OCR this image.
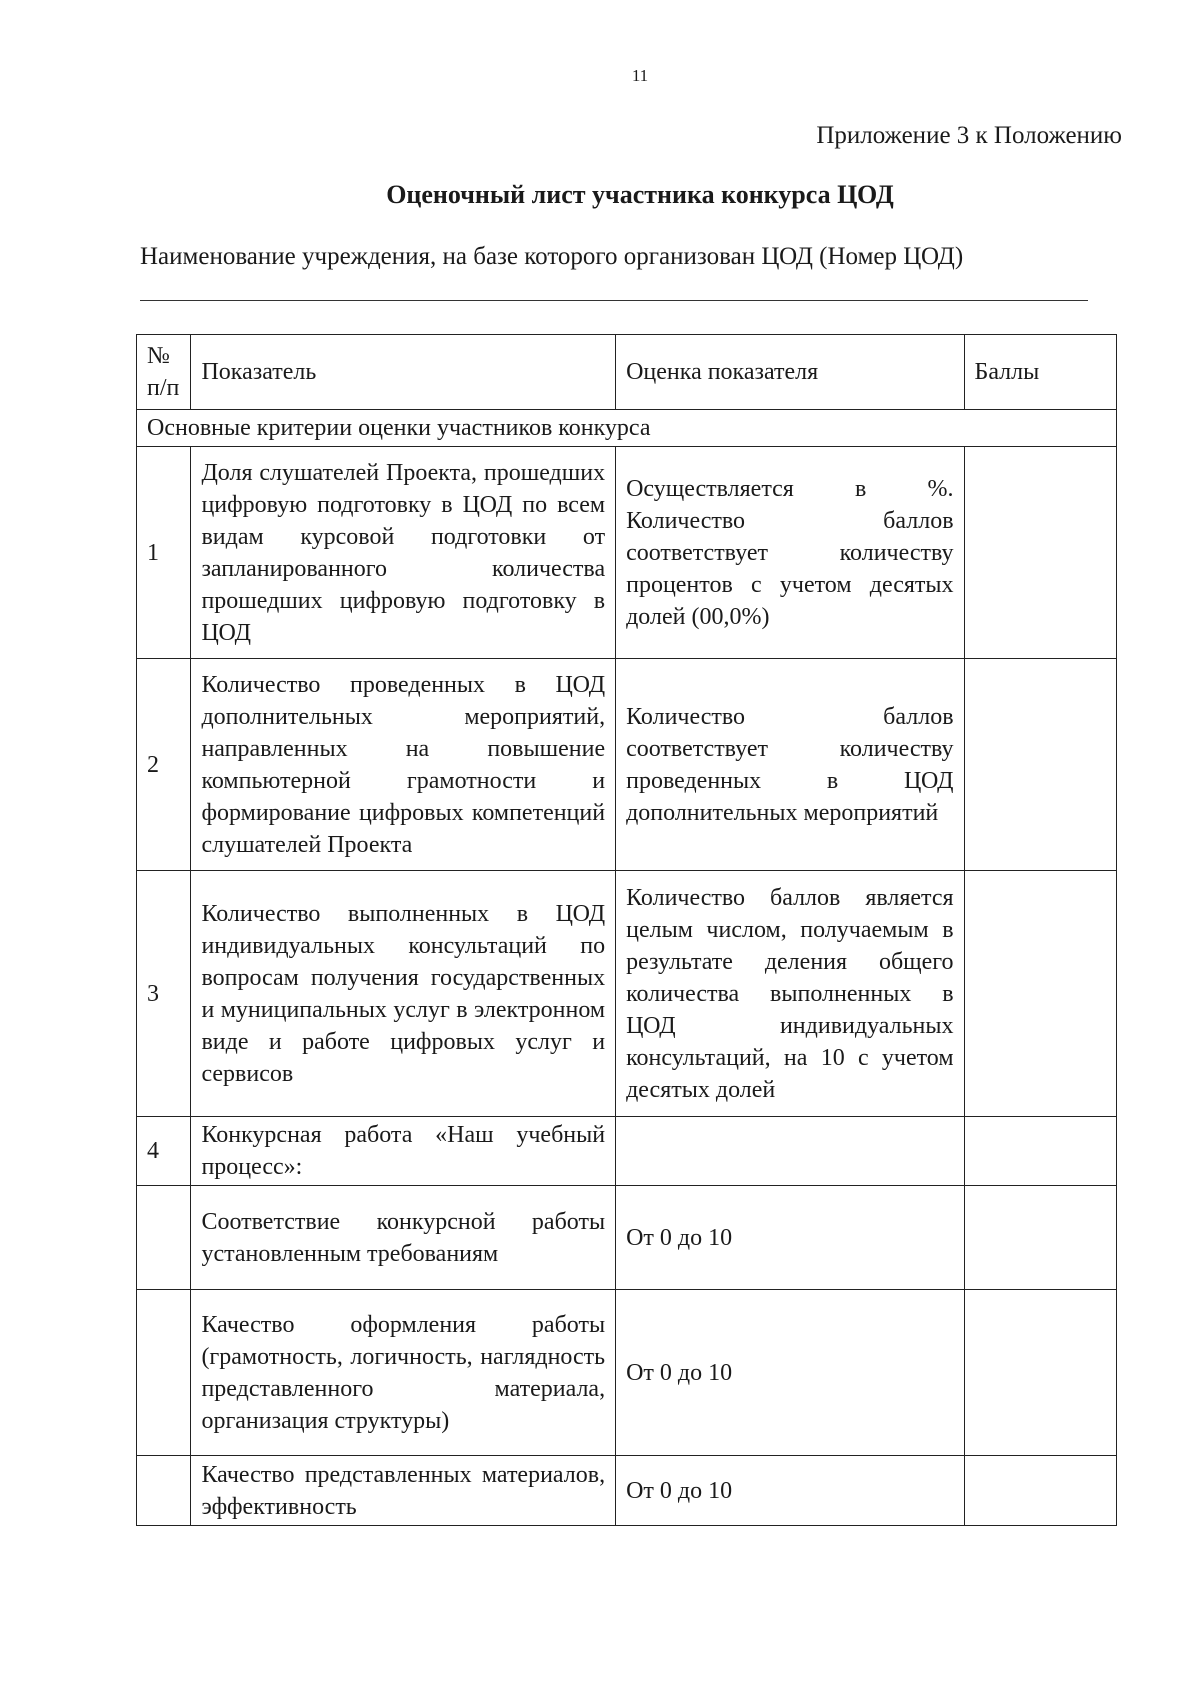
11
Приложение 3 к Положению
Оценочный лист участника конкурса ЦОД
Наименование учреждения, на базе которого организован ЦОД (Номер ЦОД)
№ п/п	Показатель	Оценка показателя	Баллы
Основные критерии оценки участников конкурса			
1	Доля слушателей Проекта, прошедших цифровую подготовку в ЦОД по всем видам курсовой подготовки от запланированного количества прошедших цифровую подготовку в ЦОД	Осуществляется в %. Количество баллов соответствует количеству процентов с учетом десятых долей (00,0%)	
2	Количество проведенных в ЦОД дополнительных мероприятий, направленных на повышение компьютерной грамотности и формирование цифровых компетенций слушателей Проекта	Количество баллов соответствует количеству проведенных в ЦОД дополнительных мероприятий	
3	Количество выполненных в ЦОД индивидуальных консультаций по вопросам получения государственных и муниципальных услуг в электронном виде и работе цифровых услуг и сервисов	Количество баллов является целым числом, получаемым в результате деления общего количества выполненных в ЦОД индивидуальных консультаций, на 10 с учетом десятых долей	
4	Конкурсная работа «Наш учебный процесс»:		
	Соответствие конкурсной работы установленным требованиям	От 0 до 10	
	Качество оформления работы (грамотность, логичность, наглядность представленного материала, организация структуры)	От 0 до 10	
	Качество представленных материалов, эффективность	От 0 до 10	
